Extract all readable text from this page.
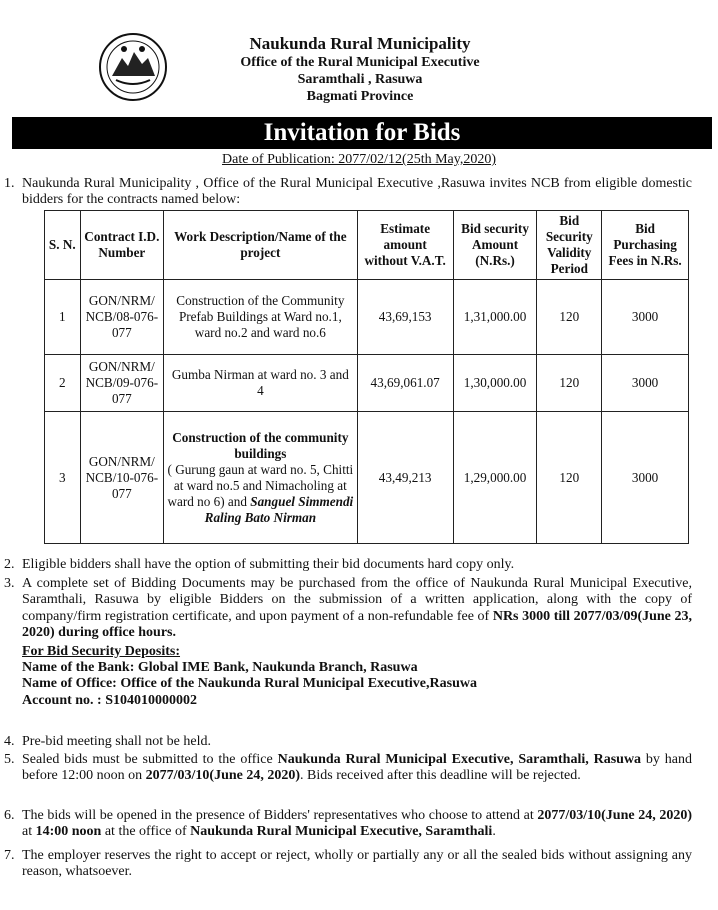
Naukunda Rural Municipality
Office of the Rural Municipal Executive
Saramthali , Rasuwa
Bagmati Province
Invitation for Bids
Date of Publication: 2077/02/12(25th May,2020)
1. Naukunda Rural Municipality , Office of the Rural Municipal Executive ,Rasuwa invites NCB from eligible domestic bidders for the contracts named below:
S. N.	Contract I.D. Number	Work Description/Name of the project	Estimate amount without V.A.T.	Bid security Amount (N.Rs.)	Bid Security Validity Period	Bid Purchasing Fees in N.Rs.
1	GON/NRM/ NCB/08-076-077	Construction of the Community Prefab Buildings at Ward no.1, ward no.2 and ward no.6	43,69,153	1,31,000.00	120	3000
2	GON/NRM/ NCB/09-076-077	Gumba Nirman at ward no. 3 and 4	43,69,061.07	1,30,000.00	120	3000
3	GON/NRM/ NCB/10-076-077	Construction of the community buildings
( Gurung gaun at ward no. 5, Chitti at ward no.5 and Nimacholing at ward no 6) and Sanguel Simmendi Raling Bato Nirman	43,49,213	1,29,000.00	120	3000
2. Eligible bidders shall have the option of submitting their bid documents hard copy only.
3. A complete set of Bidding Documents may be purchased from the office of Naukunda Rural Municipal Executive, Saramthali, Rasuwa by eligible Bidders on the submission of a written application, along with the copy of company/firm registration certificate, and upon payment of a non-refundable fee of NRs 3000 till 2077/03/09(June 23, 2020) during office hours.
For Bid Security Deposits:
Name of the Bank: Global IME Bank, Naukunda Branch, Rasuwa
Name of Office: Office of the Naukunda Rural Municipal Executive,Rasuwa
Account no. : S104010000002
4. Pre-bid meeting shall not be held.
5. Sealed bids must be submitted to the office Naukunda Rural Municipal Executive, Saramthali, Rasuwa by hand before 12:00 noon on 2077/03/10(June 24, 2020). Bids received after this deadline will be rejected.
6. The bids will be opened in the presence of Bidders' representatives who choose to attend at 2077/03/10(June 24, 2020) at 14:00 noon at the office of Naukunda Rural Municipal Executive, Saramthali.
7. The employer reserves the right to accept or reject, wholly or partially any or all the sealed bids without assigning any reason, whatsoever.
